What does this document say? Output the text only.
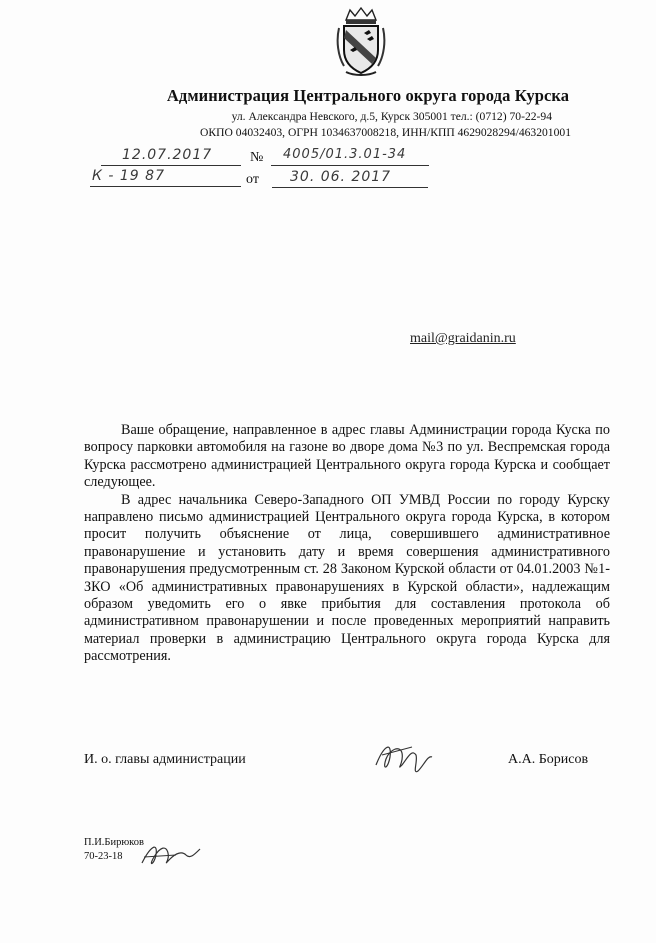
Администрация Центрального округа города Курска
ул. Александра Невского, д.5, Курск 305001 тел.: (0712) 70-22-94
ОКПО 04032403, ОГРН 1034637008218, ИНН/КПП 4629028294/463201001
12.07.2017	№ 4005/01.3.01-34
К - 19 87	от 30. 06. 2017
mail@graidanin.ru

Ваше обращение, направленное в адрес главы Администрации города Куска по вопросу парковки автомобиля на газоне во дворе дома №3 по ул. Веспремская города Курска рассмотрено администрацией Центрального округа города Курска и сообщает следующее.

В адрес начальника Северо-Западного ОП УМВД России по городу Курску направлено письмо администрацией Центрального округа города Курска, в котором просит получить объяснение от лица, совершившего административное правонарушение и установить дату и время совершения административного правонарушения предусмотренным ст. 28 Законом Курской области от 04.01.2003 №1-ЗКО «Об административных правонарушениях в Курской области», надлежащим образом уведомить его о явке прибытия для составления протокола об административном правонарушении и после проведенных мероприятий направить материал проверки в администрацию Центрального округа города Курска для рассмотрения.

И. о. главы администрации	А.А. Борисов
П.И.Бирюков
70-23-18
